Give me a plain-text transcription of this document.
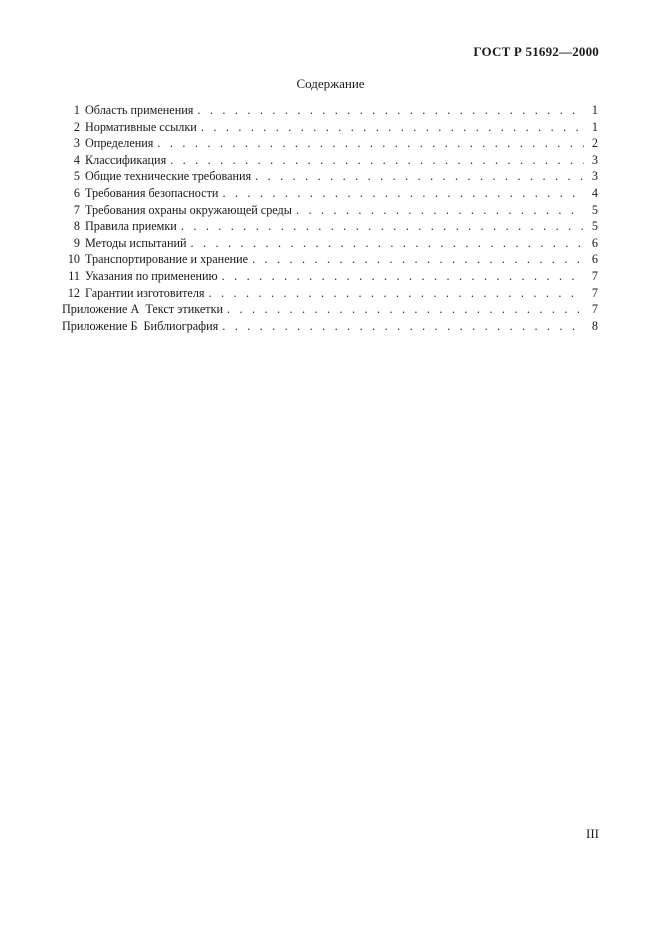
ГОСТ Р 51692—2000
Содержание
1 Область применения . . .	1
2 Нормативные ссылки . . .	1
3 Определения . . .	2
4 Классификация . . .	3
5 Общие технические требования . . .	3
6 Требования безопасности . . .	4
7 Требования охраны окружающей среды . . .	5
8 Правила приемки . . .	5
9 Методы испытаний . . .	6
10 Транспортирование и хранение . . .	6
11 Указания по применению . . .	7
12 Гарантии изготовителя . . .	7
Приложение А  Текст этикетки . . .	7
Приложение Б  Библиография . . .	8
III
